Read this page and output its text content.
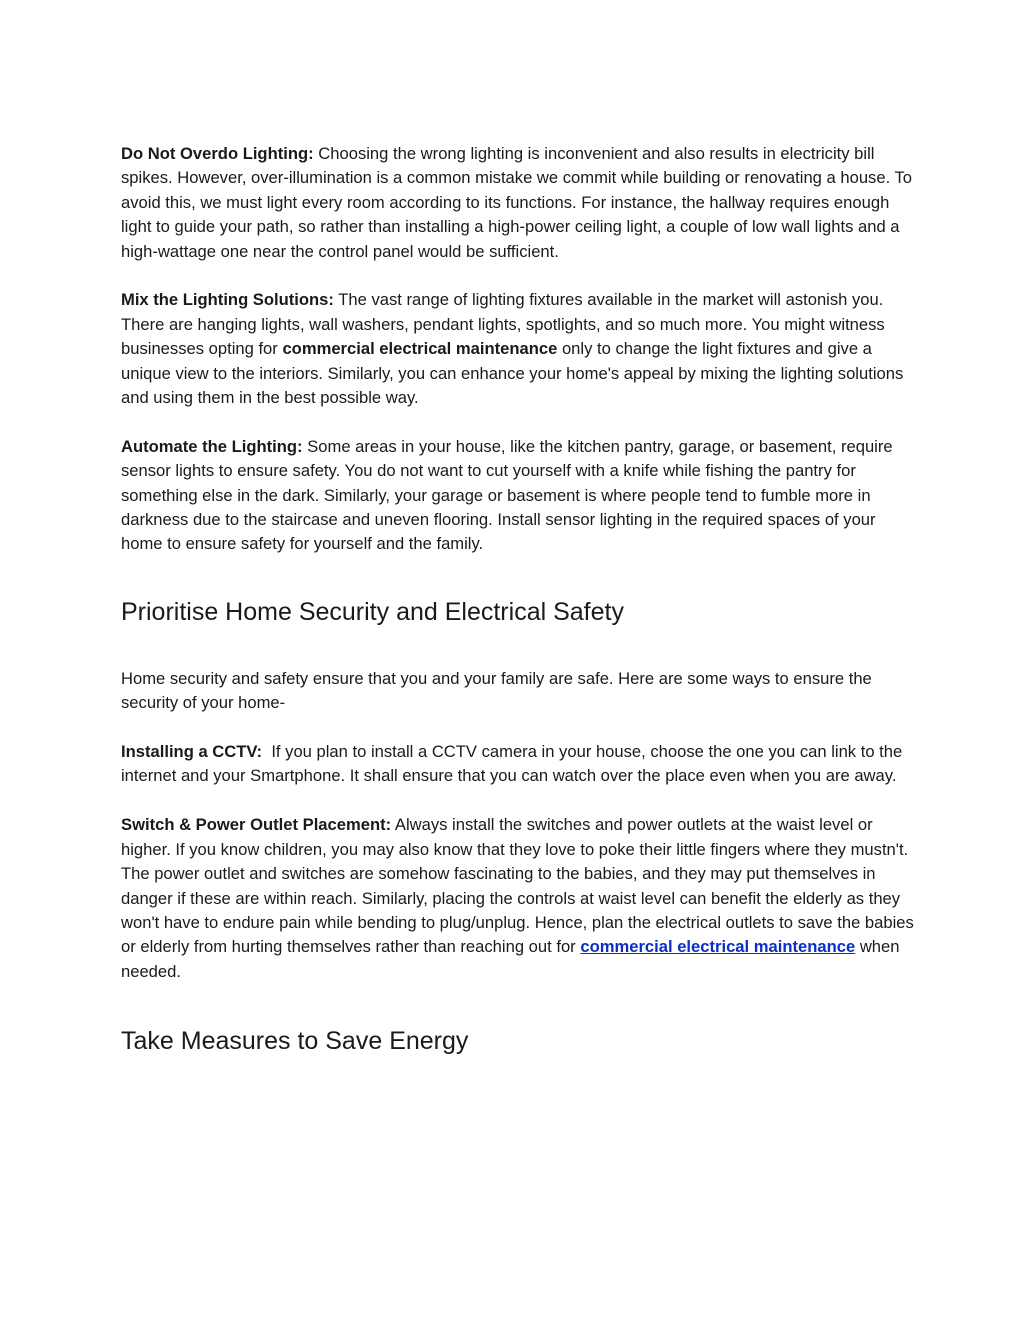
Do Not Overdo Lighting: Choosing the wrong lighting is inconvenient and also results in electricity bill spikes. However, over-illumination is a common mistake we commit while building or renovating a house. To avoid this, we must light every room according to its functions. For instance, the hallway requires enough light to guide your path, so rather than installing a high-power ceiling light, a couple of low wall lights and a high-wattage one near the control panel would be sufficient.

Mix the Lighting Solutions: The vast range of lighting fixtures available in the market will astonish you. There are hanging lights, wall washers, pendant lights, spotlights, and so much more. You might witness businesses opting for commercial electrical maintenance only to change the light fixtures and give a unique view to the interiors. Similarly, you can enhance your home's appeal by mixing the lighting solutions and using them in the best possible way.

Automate the Lighting: Some areas in your house, like the kitchen pantry, garage, or basement, require sensor lights to ensure safety. You do not want to cut yourself with a knife while fishing the pantry for something else in the dark. Similarly, your garage or basement is where people tend to fumble more in darkness due to the staircase and uneven flooring. Install sensor lighting in the required spaces of your home to ensure safety for yourself and the family.

Prioritise Home Security and Electrical Safety

Home security and safety ensure that you and your family are safe. Here are some ways to ensure the security of your home-

Installing a CCTV: If you plan to install a CCTV camera in your house, choose the one you can link to the internet and your Smartphone. It shall ensure that you can watch over the place even when you are away.

Switch & Power Outlet Placement: Always install the switches and power outlets at the waist level or higher. If you know children, you may also know that they love to poke their little fingers where they mustn't. The power outlet and switches are somehow fascinating to the babies, and they may put themselves in danger if these are within reach. Similarly, placing the controls at waist level can benefit the elderly as they won't have to endure pain while bending to plug/unplug. Hence, plan the electrical outlets to save the babies or elderly from hurting themselves rather than reaching out for commercial electrical maintenance when needed.

Take Measures to Save Energy
